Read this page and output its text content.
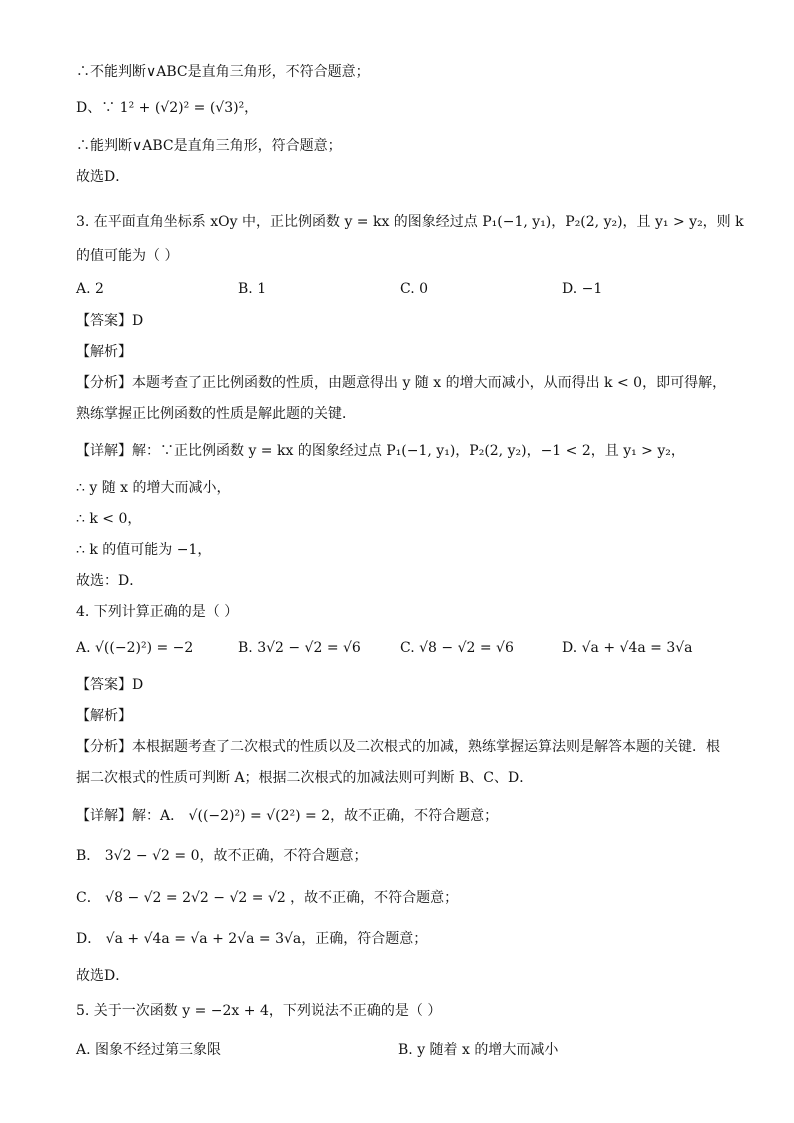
∴不能判断∨ABC是直角三角形，不符合题意；
D、∵ 1² + (√2)² = (√3)²，
∴能判断∨ABC是直角三角形，符合题意；
故选D．
3. 在平面直角坐标系 xOy 中，正比例函数 y = kx 的图象经过点 P₁(−1, y₁)，P₂(2, y₂)，且 y₁ > y₂，则 k
的值可能为（ ）
A. 2	B. 1	C. 0	D. −1
【答案】D
【解析】
【分析】本题考查了正比例函数的性质，由题意得出 y 随 x 的增大而减小，从而得出 k < 0，即可得解，
熟练掌握正比例函数的性质是解此题的关键．
【详解】解：∵正比例函数 y = kx 的图象经过点 P₁(−1, y₁)，P₂(2, y₂)，−1 < 2，且 y₁ > y₂，
∴ y 随 x 的增大而减小，
∴ k < 0，
∴ k 的值可能为 −1，
故选：D．
4. 下列计算正确的是（ ）
A. √((−2)²) = −2	B. 3√2 − √2 = √6	C. √8 − √2 = √6	D. √a + √4a = 3√a
【答案】D
【解析】
【分析】本根据题考查了二次根式的性质以及二次根式的加减，熟练掌握运算法则是解答本题的关键．根
据二次根式的性质可判断 A；根据二次根式的加减法则可判断 B、C、D．
【详解】解：A． √((−2)²) = √(2²) = 2，故不正确，不符合题意；
B． 3√2 − √2 = 0，故不正确，不符合题意；
C． √8 − √2 = 2√2 − √2 = √2 ，故不正确，不符合题意；
D． √a + √4a = √a + 2√a = 3√a，正确，符合题意；
故选D．
5. 关于一次函数 y = −2x + 4，下列说法不正确的是（ ）
A. 图象不经过第三象限	B. y 随着 x 的增大而减小
